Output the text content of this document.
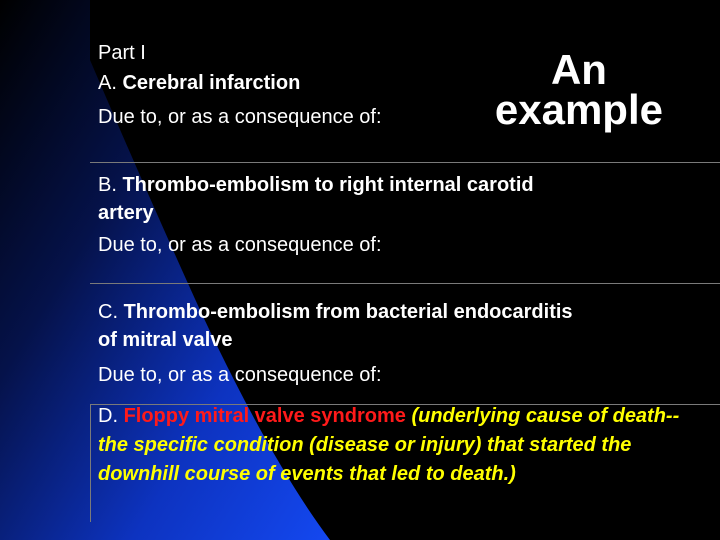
Part I
A. Cerebral infarction
Due to, or as a consequence of:
An
example
B. Thrombo-embolism to right internal carotid
artery
Due to, or as a consequence of:
C. Thrombo-embolism from bacterial endocarditis
of mitral valve
Due to, or as a consequence of:
D. Floppy mitral valve syndrome (underlying cause of death-- the specific condition (disease or injury) that started the downhill course of events that led to death.)
